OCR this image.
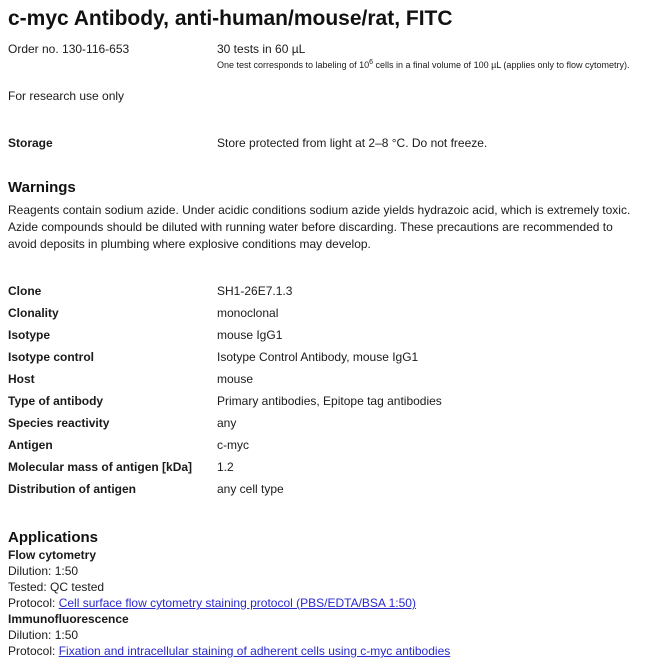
c-myc Antibody, anti-human/mouse/rat, FITC
Order no. 130-116-653	30 tests in 60 µL
One test corresponds to labeling of $10^6$ cells in a final volume of 100 µL (applies only to flow cytometry).
For research use only
Storage	Store protected from light at 2–8 °C. Do not freeze.
Warnings

Reagents contain sodium azide. Under acidic conditions sodium azide yields hydrazoic acid, which is extremely toxic. Azide compounds should be diluted with running water before discarding. These precautions are recommended to avoid deposits in plumbing where explosive conditions may develop.

Clone	SH1-26E7.1.3
Clonality	monoclonal
Isotype	mouse IgG1
Isotype control	Isotype Control Antibody, mouse IgG1
Host	mouse
Type of antibody	Primary antibodies, Epitope tag antibodies
Species reactivity	any
Antigen	c-myc
Molecular mass of antigen [kDa]	1.2
Distribution of antigen	any cell type
Applications
Flow cytometry
Dilution: 1:50
Tested: QC tested
Protocol: Cell surface flow cytometry staining protocol (PBS/EDTA/BSA 1:50)
Immunofluorescence
Dilution: 1:50
Protocol: Fixation and intracellular staining of adherent cells using c-myc antibodies
